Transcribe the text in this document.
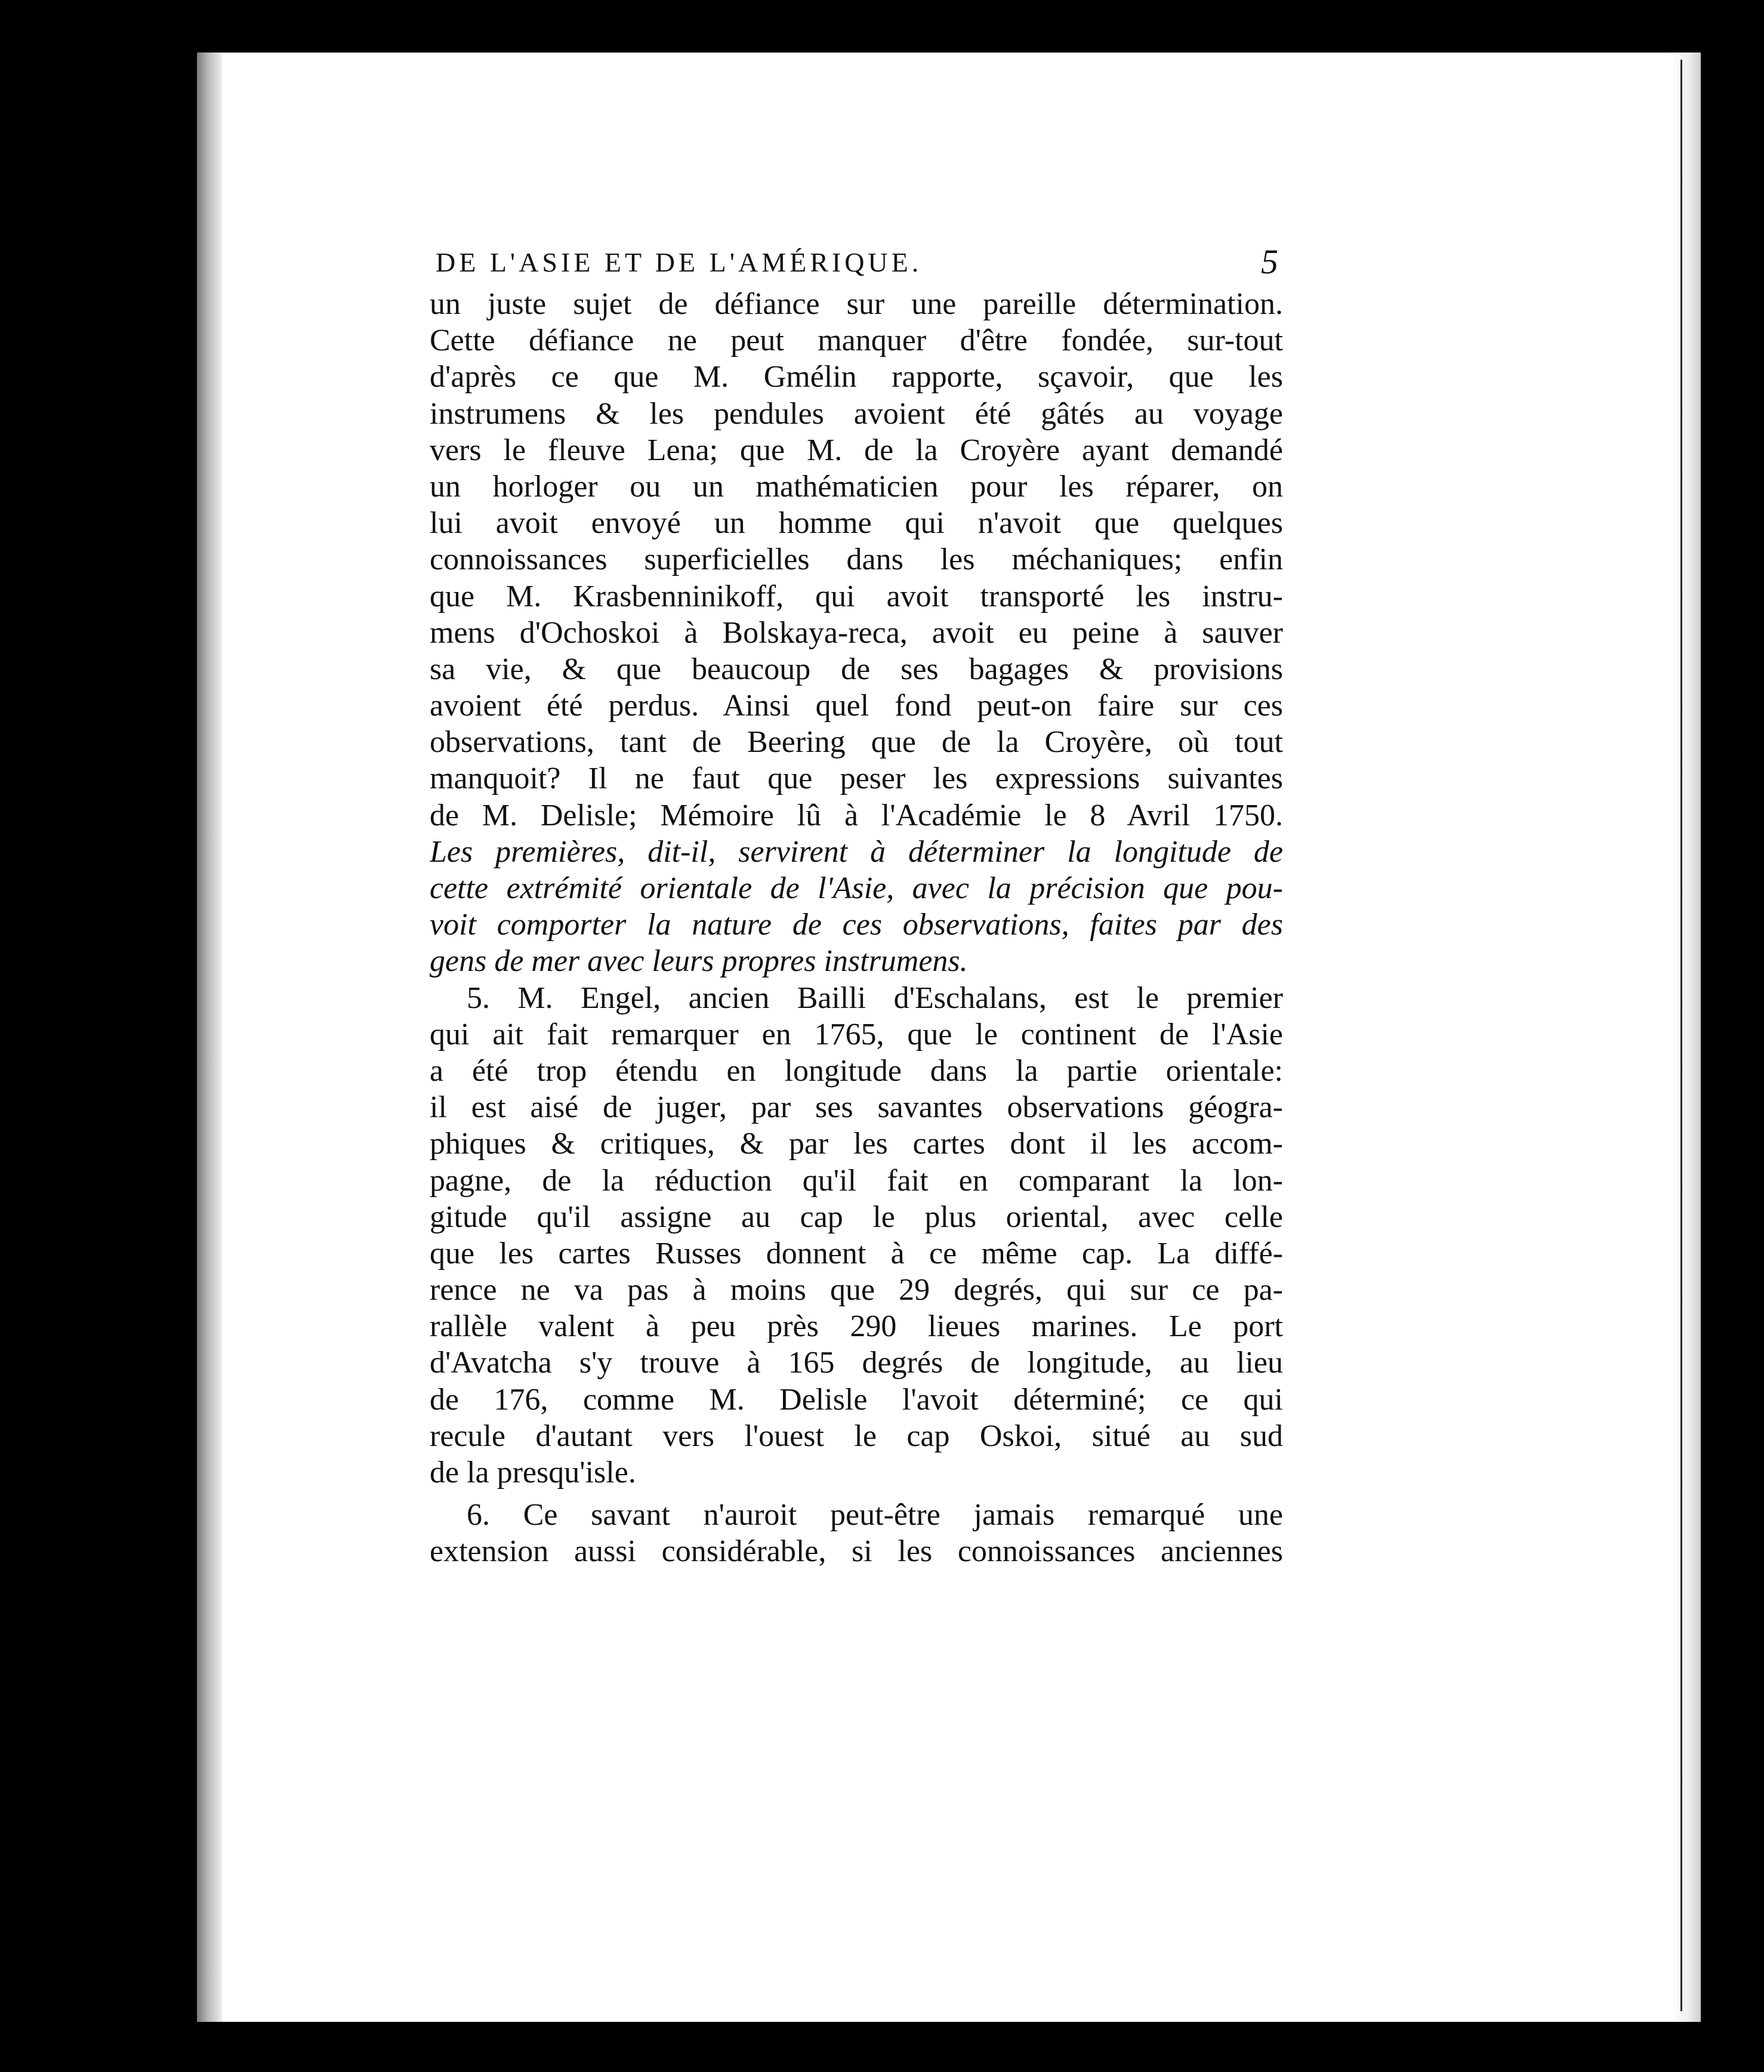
DE L'ASIE ET DE L'AMÉRIQUE.	5
un juste sujet de défiance sur une pareille détermination.
Cette défiance ne peut manquer d'être fondée, sur-tout
d'après ce que M. Gmélin rapporte, sçavoir, que les
instrumens & les pendules avoient été gâtés au voyage
vers le fleuve Lena; que M. de la Croyère ayant demandé
un horloger ou un mathématicien pour les réparer, on
lui avoit envoyé un homme qui n'avoit que quelques
connoissances superficielles dans les méchaniques; enfin
que M. Krasbenninikoff, qui avoit transporté les instru-
mens d'Ochoskoi à Bolskaya-reca, avoit eu peine à sauver
sa vie, & que beaucoup de ses bagages & provisions
avoient été perdus. Ainsi quel fond peut-on faire sur ces
observations, tant de Beering que de la Croyère, où tout
manquoit? Il ne faut que peser les expressions suivantes
de M. Delisle; Mémoire lû à l'Académie le 8 Avril 1750.
Les premières, dit-il, servirent à déterminer la longitude de
cette extrémité orientale de l'Asie, avec la précision que pou-
voit comporter la nature de ces observations, faites par des
gens de mer avec leurs propres instrumens.
5. M. Engel, ancien Bailli d'Eschalans, est le premier
qui ait fait remarquer en 1765, que le continent de l'Asie
a été trop étendu en longitude dans la partie orientale:
il est aisé de juger, par ses savantes observations géogra-
phiques & critiques, & par les cartes dont il les accom-
pagne, de la réduction qu'il fait en comparant la lon-
gitude qu'il assigne au cap le plus oriental, avec celle
que les cartes Russes donnent à ce même cap. La diffé-
rence ne va pas à moins que 29 degrés, qui sur ce pa-
rallèle valent à peu près 290 lieues marines. Le port
d'Avatcha s'y trouve à 165 degrés de longitude, au lieu
de 176, comme M. Delisle l'avoit déterminé; ce qui
recule d'autant vers l'ouest le cap Oskoi, situé au sud
de la presqu'isle.
6. Ce savant n'auroit peut-être jamais remarqué une
extension aussi considérable, si les connoissances anciennes
